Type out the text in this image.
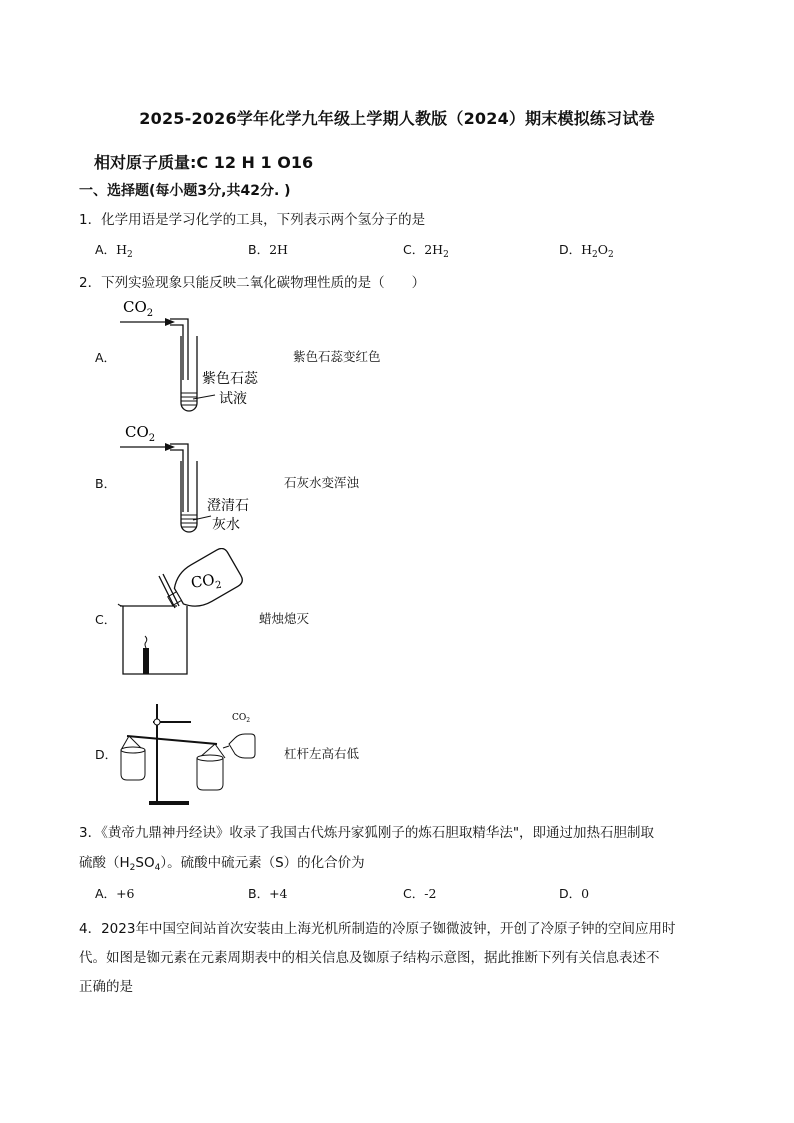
2025-2026学年化学九年级上学期人教版（2024）期末模拟练习试卷
相对原子质量:C 12 H 1 O16
一、选择题(每小题3分,共42分. )
1．化学用语是学习化学的工具，下列表示两个氢分子的是
A．$H_2$	B．2H	C．$2H_2$	D．$H_2O_2$
2．下列实验现象只能反映二氧化碳物理性质的是（　　）
A．
$CO_2$
紫色石蕊
试液
紫色石蕊变红色
B．
$CO_2$
澄清石
灰水
石灰水变浑浊
C．
$CO_2$
蜡烛熄灭
D．
$CO_2$
杠杆左高右低
3．《黄帝九鼎神丹经诀》收录了我国古代炼丹家狐刚子的炼石胆取精华法"，即通过加热石胆制取
硫酸$(H_2SO_4)$。硫酸中硫元素（S）的化合价为
A．+6	B．+4	C．-2	D．0
4．2023年中国空间站首次安装由上海光机所制造的冷原子铷微波钟，开创了冷原子钟的空间应用时
代。如图是铷元素在元素周期表中的相关信息及铷原子结构示意图，据此推断下列有关信息表述不
正确的是
